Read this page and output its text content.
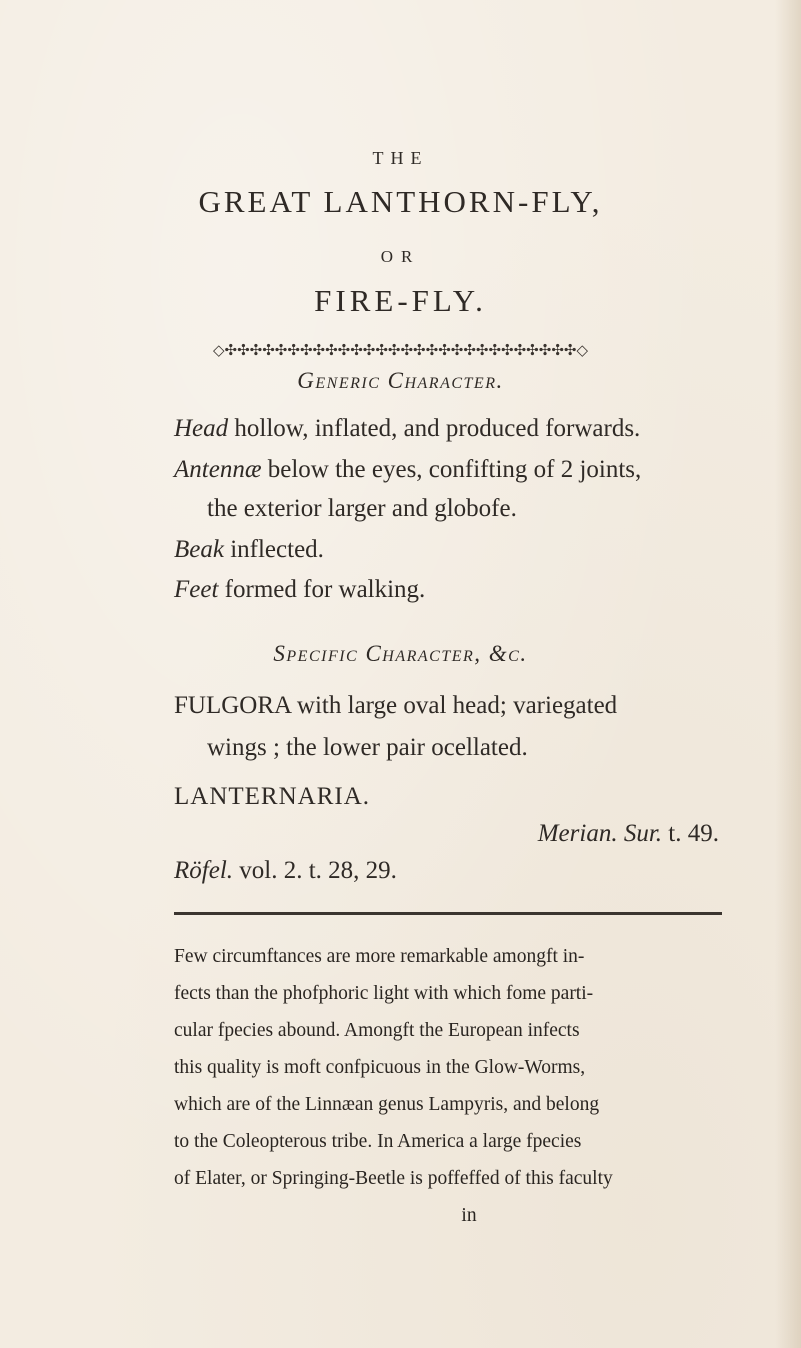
THE
GREAT LANTHORN-FLY,
OR
FIRE-FLY.
◇✣✣✣✣✣✣✣✣✣✣✣✣✣✣✣✣✣✣✣✣✣✣✣✣✣✣✣✣◇
Generic Character.
Head hollow, inflated, and produced forwards.
Antennæ below the eyes, confifting of 2 joints,
the exterior larger and globofe.
Beak inflected.
Feet formed for walking.
Specific Character, &c.
FULGORA with large oval head; variegated
wings ; the lower pair ocellated.
LANTERNARIA.
Merian. Sur. t. 49.
Röfel. vol. 2. t. 28, 29.
Few circumftances are more remarkable amongft in-
fects than the phofphoric light with which fome parti-
cular fpecies abound. Amongft the European infects
this quality is moft confpicuous in the Glow-Worms,
which are of the Linnæan genus Lampyris, and belong
to the Coleopterous tribe. In America a large fpecies
of Elater, or Springing-Beetle is poffeffed of this faculty
in
